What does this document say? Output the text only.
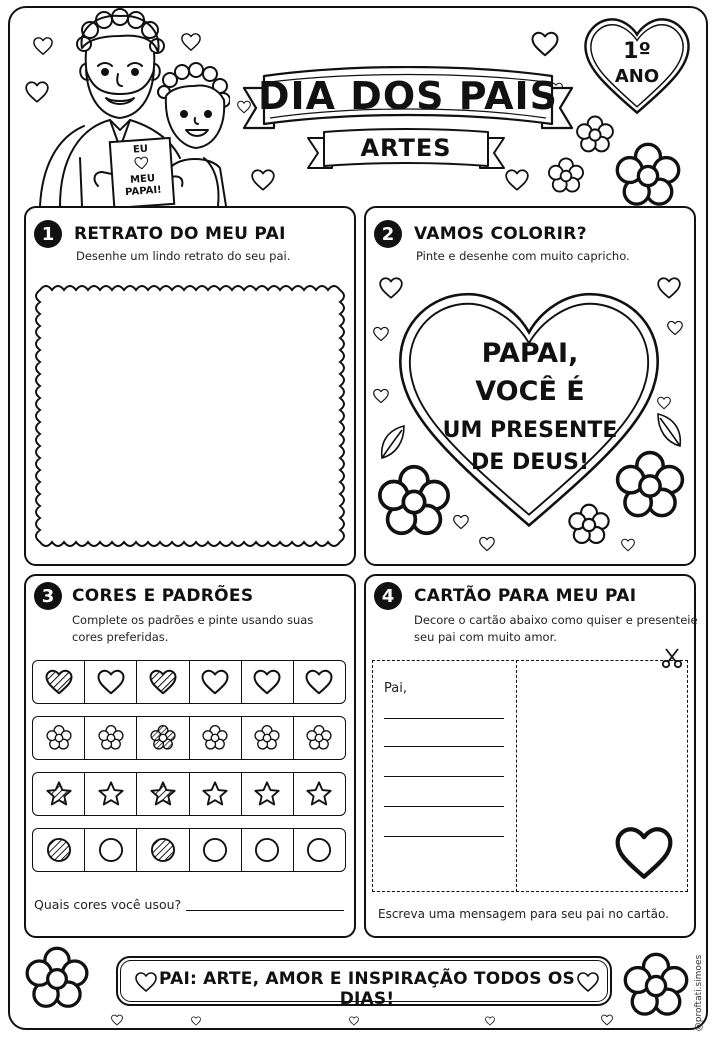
EU
MEU
PAPAI!
DIA DOS PAIS
ARTES
1º
ANO
1	RETRATO DO MEU PAI
Desenhe um lindo retrato do seu pai.
2	VAMOS COLORIR?
Pinte e desenhe com muito capricho.
PAPAI,
VOCÊ É
UM PRESENTE
DE DEUS!
3	CORES E PADRÕES
Complete os padrões e pinte usando suas
cores preferidas.
Quais cores você usou?
4	CARTÃO PARA MEU PAI
Decore o cartão abaixo como quiser e presenteie
seu pai com muito amor.
Pai,
Escreva uma mensagem para seu pai no cartão.
PAI: ARTE, AMOR E INSPIRAÇÃO TODOS OS DIAS!	@proftati.simoes
